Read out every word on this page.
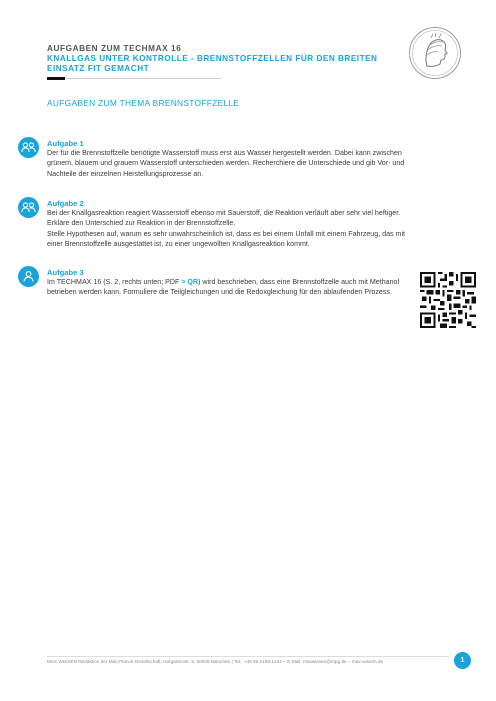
AUFGABEN ZUM TECHMAX 16
KNALLGAS UNTER KONTROLLE - BRENNSTOFFZELLEN FÜR DEN BREITEN EINSATZ FIT GEMACHT
AUFGABEN ZUM THEMA BRENNSTOFFZELLE
Aufgabe 1

Der für die Brennstoffzelle benötigte Wasserstoff muss erst aus Wasser hergestellt werden. Dabei kann zwischen grünem, blauem und grauem Wasserstoff unterschieden werden. Recherchiere die Unterschiede und gib Vor- und Nachteile der einzelnen Herstellungsprozesse an.

Aufgabe 2

Bei der Knallgasreaktion reagiert Wasserstoff ebenso mit Sauerstoff, die Reaktion verläuft aber sehr viel heftiger. Erkläre den Unterschied zur Reaktion in der Brennstoffzelle.

Stelle Hypothesen auf, warum es sehr unwahrscheinlich ist, dass es bei einem Unfall mit einem Fahrzeug, das mit einer Brennstoffzelle ausgestattet ist, zu einer ungewollten Knallgasreaktion kommt.

Aufgabe 3

Im TECHMAX 16 (S. 2, rechts unten; PDF > QR) wird beschrieben, dass eine Brennstoffzelle auch mit Methanol betrieben werden kann. Formuliere die Teilgleichungen und die Redoxgleichung für den ablaufenden Prozess.

MAX WISSEN Redaktion der Max-Planck-Gesellschaft, Hofgartenstr. 8, 80539 München | Tel.: +49 89 2108-1242 – E-Mail: maxwissen@mpg.de – max-wissen.de	1
